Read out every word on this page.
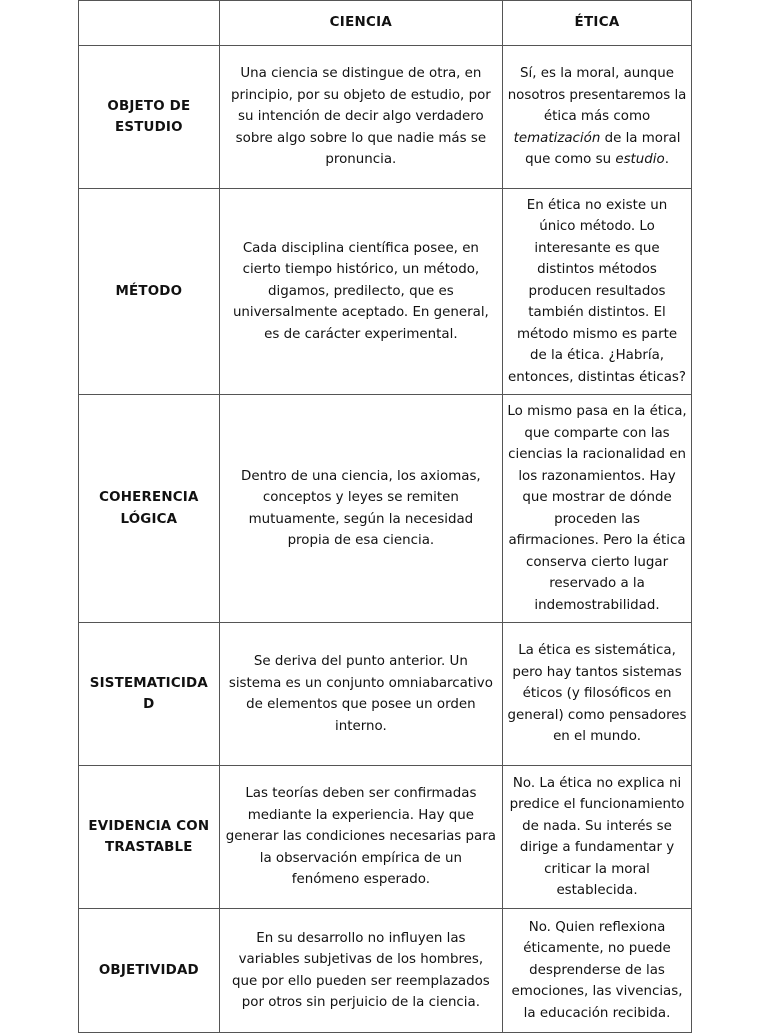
	CIENCIA	ÉTICA

OBJETO DE ESTUDIO	Una ciencia se distingue de otra, en principio, por su objeto de estudio, por su intención de decir algo verdadero sobre algo sobre lo que nadie más se pronuncia.	Sí, es la moral, aunque nosotros presentaremos la ética más como tematización de la moral que como su estudio.

MÉTODO	Cada disciplina científica posee, en cierto tiempo histórico, un método, digamos, predilecto, que es universalmente aceptado. En general, es de carácter experimental.	En ética no existe un único método. Lo interesante es que distintos métodos producen resultados también distintos. El método mismo es parte de la ética. ¿Habría, entonces, distintas éticas?

COHERENCIA LÓGICA	Dentro de una ciencia, los axiomas, conceptos y leyes se remiten mutuamente, según la necesidad propia de esa ciencia.	Lo mismo pasa en la ética, que comparte con las ciencias la racionalidad en los razonamientos. Hay que mostrar de dónde proceden las afirmaciones. Pero la ética conserva cierto lugar reservado a la indemostrabilidad.

SISTEMATICIDAD	Se deriva del punto anterior. Un sistema es un conjunto omniabarcativo de elementos que posee un orden interno.	La ética es sistemática, pero hay tantos sistemas éticos (y filosóficos en general) como pensadores en el mundo.

EVIDENCIA CONTRASTABLE	Las teorías deben ser confirmadas mediante la experiencia. Hay que generar las condiciones necesarias para la observación empírica de un fenómeno esperado.	No. La ética no explica ni predice el funcionamiento de nada. Su interés se dirige a fundamentar y criticar la moral establecida.

OBJETIVIDAD	En su desarrollo no influyen las variables subjetivas de los hombres, que por ello pueden ser reemplazados por otros sin perjuicio de la ciencia.	No. Quien reflexiona éticamente, no puede desprenderse de las emociones, las vivencias, la educación recibida.
